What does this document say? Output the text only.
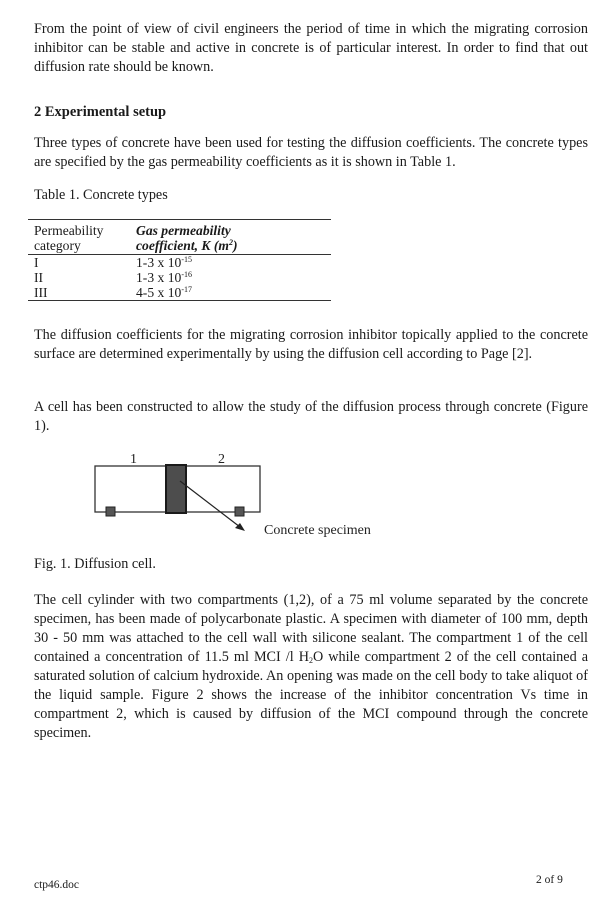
From the point of view of civil engineers the period of time in which the migrating corrosion inhibitor can be stable and active in concrete is of particular interest. In order to find that out diffusion rate should be known.

2 Experimental setup

Three types of concrete have been used for testing the diffusion coefficients. The concrete types are specified by the gas permeability coefficients as it is shown in Table 1.

Table 1. Concrete types

Permeability
category	Gas permeability
coefficient, K $(m^2)$
I	1-3 x $10^{-15}$
II	1-3 x $10^{-16}$
III	4-5 x $10^{-17}$

The diffusion coefficients for the migrating corrosion inhibitor topically applied to the concrete surface are determined experimentally by using the diffusion cell according to Page [2].

A cell has been constructed to allow the study of the diffusion process through concrete (Figure 1).

1	2
Concrete specimen

Fig. 1. Diffusion cell.

The cell cylinder with two compartments (1,2), of a 75 ml volume separated by the concrete specimen, has been made of polycarbonate plastic. A specimen with diameter of 100 mm, depth 30 - 50 mm was attached to the cell wall with silicone sealant. The compartment 1 of the cell contained a concentration of 11.5 ml MCI /l $H_2O$ while compartment 2 of the cell contained a saturated solution of calcium hydroxide. An opening was made on the cell body to take aliquot of the liquid sample. Figure 2 shows the increase of the inhibitor concentration Vs time in compartment 2, which is caused by diffusion of the MCI compound through the concrete specimen.

ctp46.doc	2 of 9
